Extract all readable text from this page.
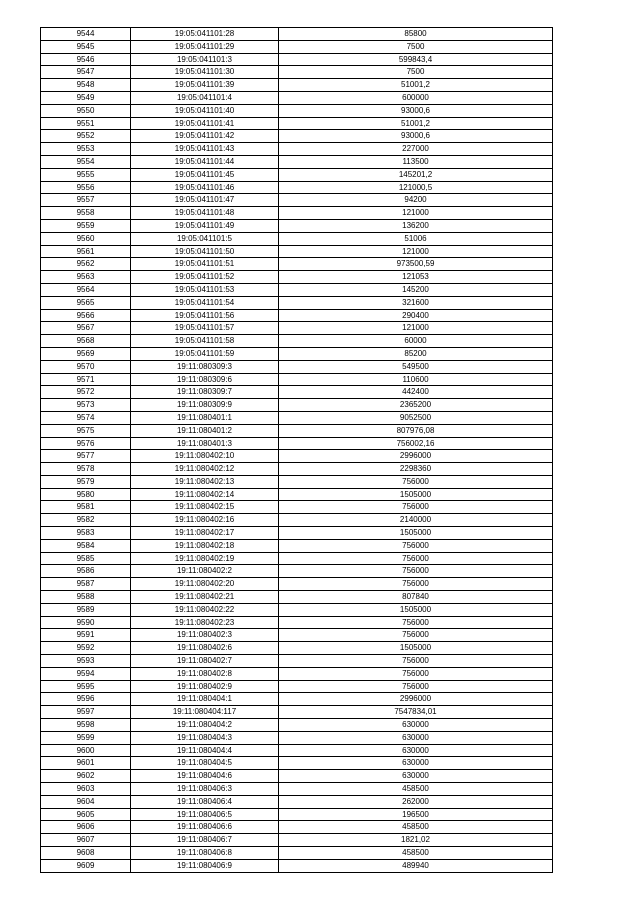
9544	19:05:041101:28	85800
9545	19:05:041101:29	7500
9546	19:05:041101:3	599843,4
9547	19:05:041101:30	7500
9548	19:05:041101:39	51001,2
9549	19:05:041101:4	600000
9550	19:05:041101:40	93000,6
9551	19:05:041101:41	51001,2
9552	19:05:041101:42	93000,6
9553	19:05:041101:43	227000
9554	19:05:041101:44	113500
9555	19:05:041101:45	145201,2
9556	19:05:041101:46	121000,5
9557	19:05:041101:47	94200
9558	19:05:041101:48	121000
9559	19:05:041101:49	136200
9560	19:05:041101:5	51006
9561	19:05:041101:50	121000
9562	19:05:041101:51	973500,59
9563	19:05:041101:52	121053
9564	19:05:041101:53	145200
9565	19:05:041101:54	321600
9566	19:05:041101:56	290400
9567	19:05:041101:57	121000
9568	19:05:041101:58	60000
9569	19:05:041101:59	85200
9570	19:11:080309:3	549500
9571	19:11:080309:6	110600
9572	19:11:080309:7	442400
9573	19:11:080309:9	2365200
9574	19:11:080401:1	9052500
9575	19:11:080401:2	807976,08
9576	19:11:080401:3	756002,16
9577	19:11:080402:10	2996000
9578	19:11:080402:12	2298360
9579	19:11:080402:13	756000
9580	19:11:080402:14	1505000
9581	19:11:080402:15	756000
9582	19:11:080402:16	2140000
9583	19:11:080402:17	1505000
9584	19:11:080402:18	756000
9585	19:11:080402:19	756000
9586	19:11:080402:2	756000
9587	19:11:080402:20	756000
9588	19:11:080402:21	807840
9589	19:11:080402:22	1505000
9590	19:11:080402:23	756000
9591	19:11:080402:3	756000
9592	19:11:080402:6	1505000
9593	19:11:080402:7	756000
9594	19:11:080402:8	756000
9595	19:11:080402:9	756000
9596	19:11:080404:1	2996000
9597	19:11:080404:117	7547834,01
9598	19:11:080404:2	630000
9599	19:11:080404:3	630000
9600	19:11:080404:4	630000
9601	19:11:080404:5	630000
9602	19:11:080404:6	630000
9603	19:11:080406:3	458500
9604	19:11:080406:4	262000
9605	19:11:080406:5	196500
9606	19:11:080406:6	458500
9607	19:11:080406:7	1821,02
9608	19:11:080406:8	458500
9609	19:11:080406:9	489940
